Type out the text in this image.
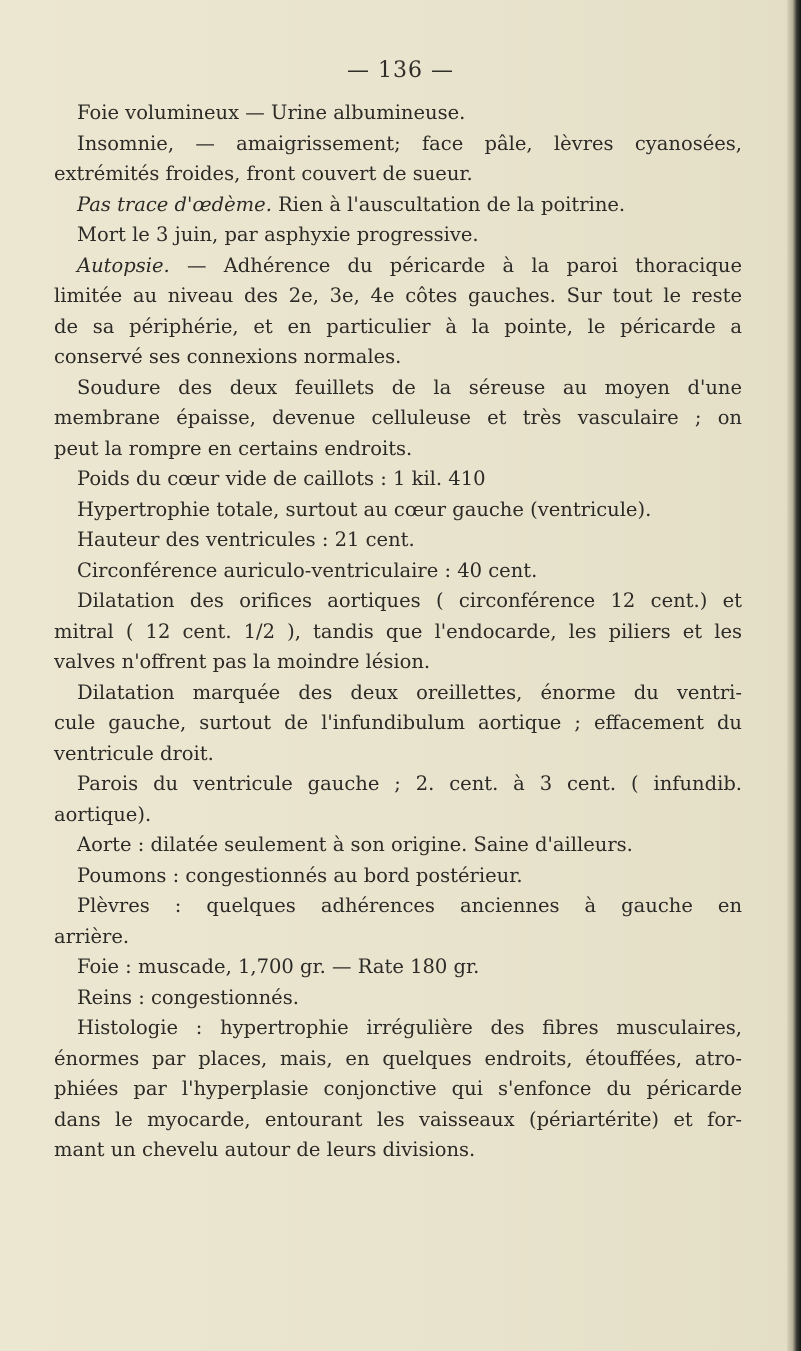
— 136 —
Foie volumineux — Urine albumineuse.
Insomnie, — amaigrissement; face pâle, lèvres cyanosées,
extrémités froides, front couvert de sueur.
Pas trace d'œdème. Rien à l'auscultation de la poitrine.
Mort le 3 juin, par asphyxie progressive.
Autopsie. — Adhérence du péricarde à la paroi thoracique
limitée au niveau des 2e, 3e, 4e côtes gauches. Sur tout le reste
de sa périphérie, et en particulier à la pointe, le péricarde a
conservé ses connexions normales.
Soudure des deux feuillets de la séreuse au moyen d'une
membrane épaisse, devenue celluleuse et très vasculaire ; on
peut la rompre en certains endroits.
Poids du cœur vide de caillots : 1 kil. 410
Hypertrophie totale, surtout au cœur gauche (ventricule).
Hauteur des ventricules : 21 cent.
Circonférence auriculo-ventriculaire : 40 cent.
Dilatation des orifices aortiques ( circonférence 12 cent.) et
mitral ( 12 cent. 1/2 ), tandis que l'endocarde, les piliers et les
valves n'offrent pas la moindre lésion.
Dilatation marquée des deux oreillettes, énorme du ventri-
cule gauche, surtout de l'infundibulum aortique ; effacement du
ventricule droit.
Parois du ventricule gauche ; 2. cent. à 3 cent. ( infundib.
aortique).
Aorte : dilatée seulement à son origine. Saine d'ailleurs.
Poumons : congestionnés au bord postérieur.
Plèvres : quelques adhérences anciennes à gauche en
arrière.
Foie : muscade, 1,700 gr. — Rate 180 gr.
Reins : congestionnés.
Histologie : hypertrophie irrégulière des fibres musculaires,
énormes par places, mais, en quelques endroits, étouffées, atro-
phiées par l'hyperplasie conjonctive qui s'enfonce du péricarde
dans le myocarde, entourant les vaisseaux (périartérite) et for-
mant un chevelu autour de leurs divisions.
